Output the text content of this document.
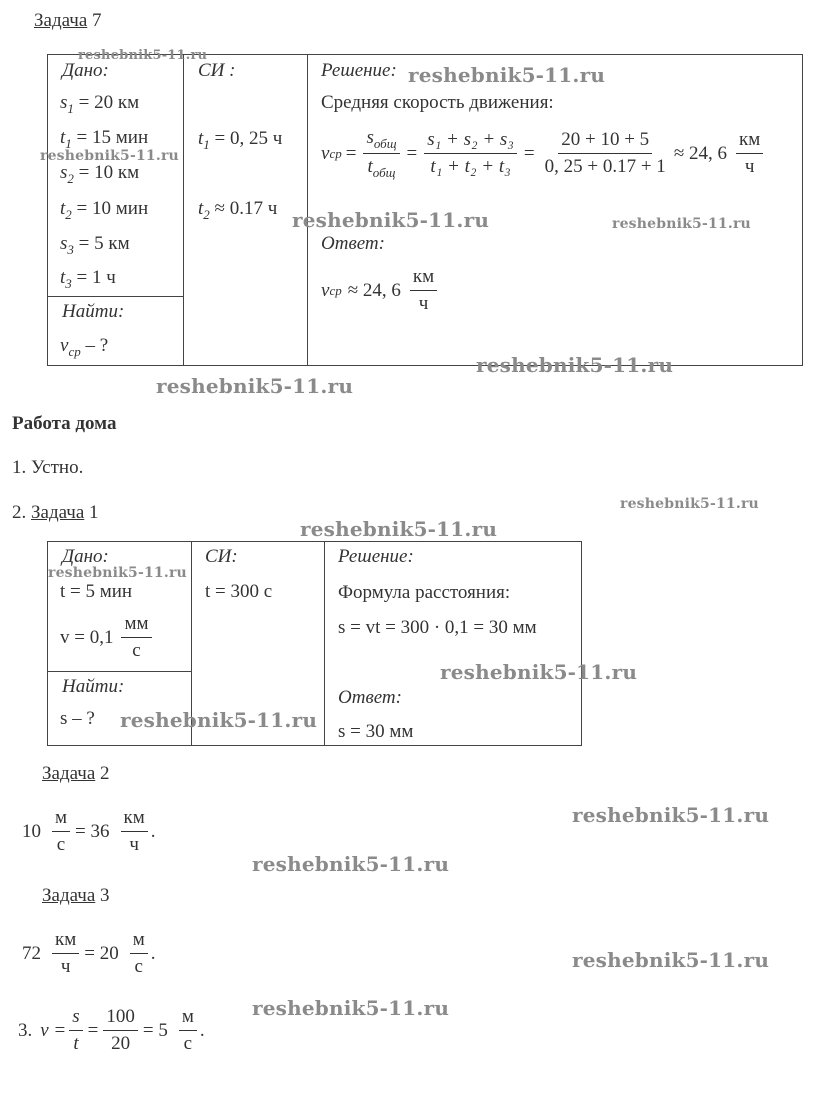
Задача 7
Дано:
$s_1 = 20$ км
$t_1 = 15$ мин
$s_2 = 10$ км
$t_2 = 10$ мин
$s_3 = 5$ км
$t_3 = 1$ ч
Найти:
$v_{ср}$ – ?
СИ :
$t_1 = 0$, 25 ч
$t_2 \approx 0.17$ ч
Решение:
Средняя скорость движения:
v ср = $\frac{s_{общ}}{t_{общ}} = \frac{\text{s₁ + s₂ + s₃}}{\text{t₁ + t₂ + t₃}} = \frac{20 + 10 + 5}{0, 25 + 0.17 + 1} \approx 24$, $6 \frac{км}{ч}$
Ответ:
v ср ≈ 24, $6 \frac{км}{ч}$
Работа дома
1. Устно.
2. Задача 1
Дано:
t = 5 мин
$v = 0,1 \frac{мм}{с}$
Найти:
s – ?
СИ:
t = 300 с
Решение:
Формула расстояния:
s = vt = 300 · 0,1 = 30 мм
Ответ:
s = 30 мм
Задача 2
$10 \frac{м}{с} = 36 \frac{км}{ч}$ .
Задача 3
$72 \frac{км}{ч} = 20 \frac{м}{с}$ .
3. $v = \frac{s}{t} = \frac{100}{20} = 5 \frac{м}{с}$ .
reshebnik5-11.ru
reshebnik5-11.ru
reshebnik5-11.ru
reshebnik5-11.ru	reshebnik5-11.ru
reshebnik5-11.ru
reshebnik5-11.ru
reshebnik5-11.ru
reshebnik5-11.ru
reshebnik5-11.ru
reshebnik5-11.ru
reshebnik5-11.ru
reshebnik5-11.ru
reshebnik5-11.ru
reshebnik5-11.ru
reshebnik5-11.ru
